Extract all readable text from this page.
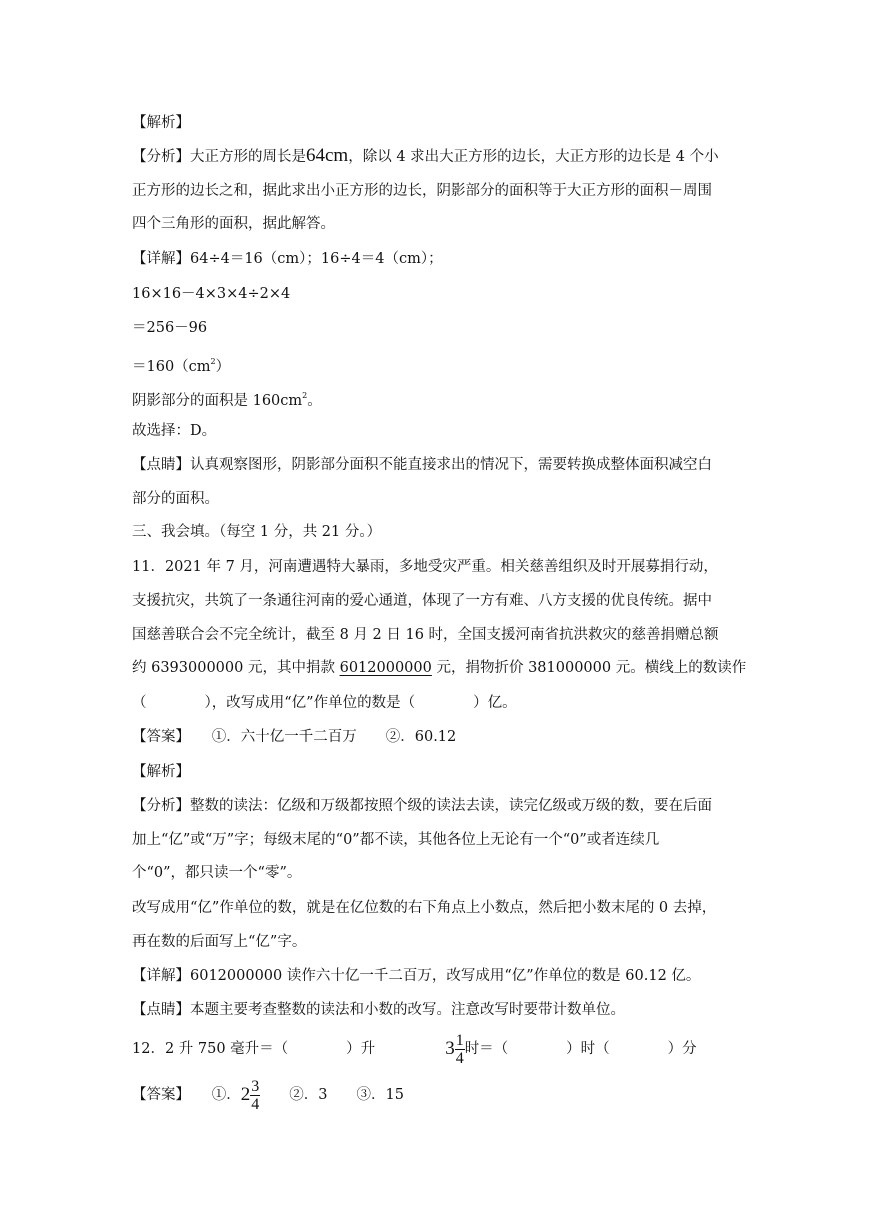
【解析】
【分析】大正方形的周长是64cm，除以 4 求出大正方形的边长，大正方形的边长是 4 个小
正方形的边长之和，据此求出小正方形的边长，阴影部分的面积等于大正方形的面积－周围
四个三角形的面积，据此解答。
【详解】64÷4＝16（cm）；16÷4＝4（cm）；
16×16－4×3×4÷2×4
＝256－96
$=160(cm^2)$
阴影部分的面积是 $160cm^2$。
故选择：D。
【点睛】认真观察图形，阴影部分面积不能直接求出的情况下，需要转换成整体面积减空白
部分的面积。
三、我会填。（每空 1 分，共 21 分。）
11．2021 年 7 月，河南遭遇特大暴雨，多地受灾严重。相关慈善组织及时开展募捐行动，
支援抗灾，共筑了一条通往河南的爱心通道，体现了一方有难、八方支援的优良传统。据中
国慈善联合会不完全统计，截至 8 月 2 日 16 时，全国支援河南省抗洪救灾的慈善捐赠总额
约 6393000000 元，其中捐款 6012000000 元，捐物折价 381000000 元。横线上的数读作
（　　　　），改写成用“亿”作单位的数是（　　　　）亿。
【答案】　　①．六十亿一千二百万　　②．60.12
【解析】
【分析】整数的读法：亿级和万级都按照个级的读法去读，读完亿级或万级的数，要在后面
加上“亿”或“万”字；每级末尾的“0”都不读，其他各位上无论有一个“0”或者连续几
个“0”，都只读一个“零”。
改写成用“亿”作单位的数，就是在亿位数的右下角点上小数点，然后把小数末尾的 0 去掉，
再在数的后面写上“亿”字。
【详解】6012000000 读作六十亿一千二百万，改写成用“亿”作单位的数是 60.12 亿。
【点睛】本题主要考查整数的读法和小数的改写。注意改写时要带计数单位。
12．2 升 750 毫升＝（　　　　）升	$3 \frac{1}{4}$ 时＝（　　　　）时（　　　　）分
【答案】　　①．$2 \frac{3}{4}$ 　　②．3　　③．15
